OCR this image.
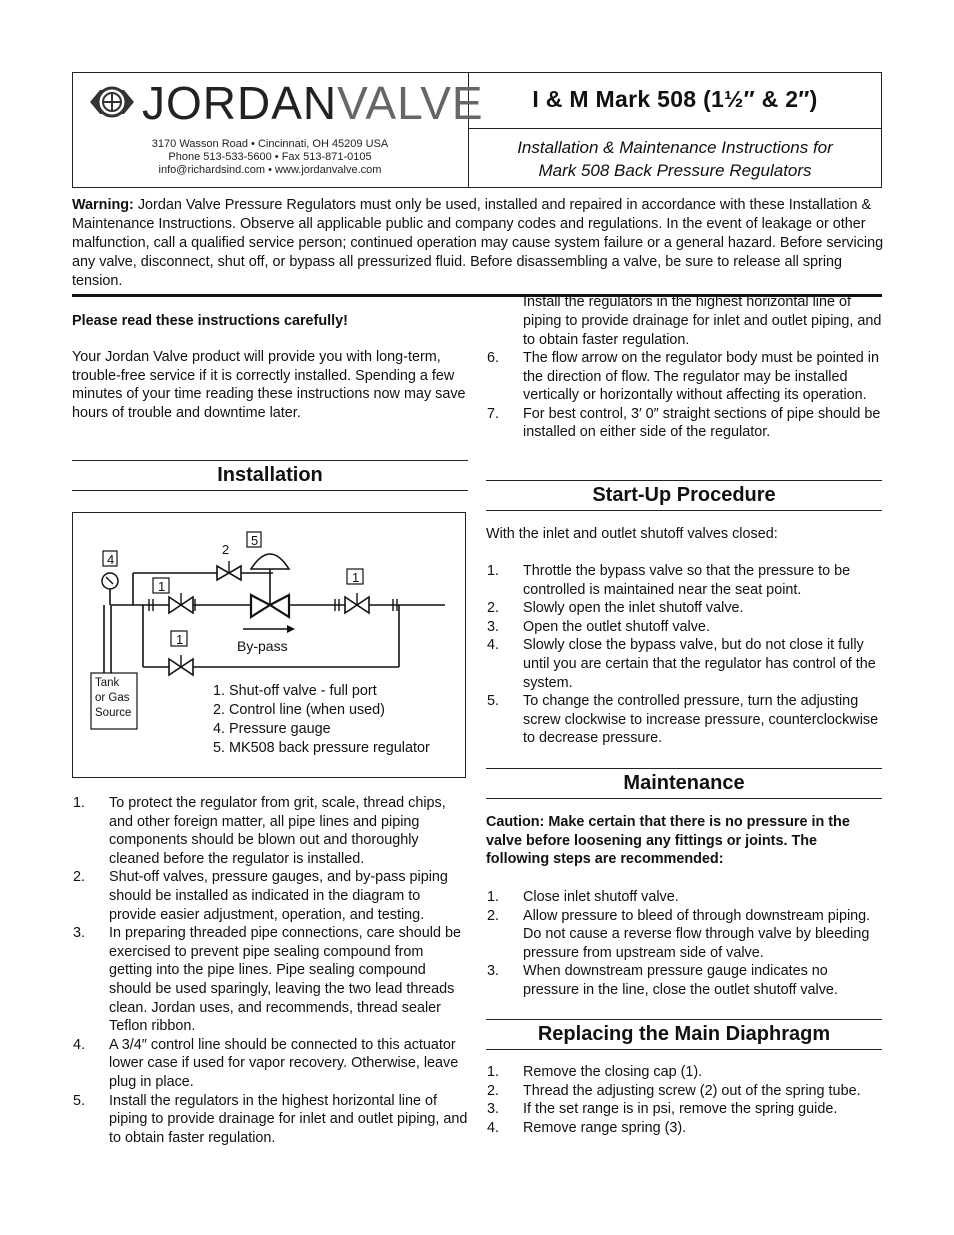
JORDANVALVE
3170 Wasson Road • Cincinnati, OH 45209 USA
Phone 513-533-5600 • Fax 513-871-0105
info@richardsind.com • www.jordanvalve.com
I & M Mark 508 (1½″ & 2″)
Installation & Maintenance Instructions for
Mark 508 Back Pressure Regulators
Warning: Jordan Valve Pressure Regulators must only be used, installed and repaired in accordance with these Installation & Maintenance Instructions. Observe all applicable public and company codes and regulations. In the event of leakage or other malfunction, call a qualified service person; continued operation may cause system failure or a general hazard. Before servicing any valve, disconnect, shut off, or bypass all pressurized fluid. Before disassembling a valve, be sure to release all spring tension.
Please read these instructions carefully!
Your Jordan Valve product will provide you with long-term, trouble-free service if it is correctly installed. Spending a few minutes of your time reading these instructions now may save hours of trouble and downtime later.
Installation
4
2
5
1
1
1	By-pass
Tank
or Gas
Source
1. Shut-off valve - full port
2. Control line (when used)
4. Pressure gauge
5. MK508 back pressure regulator
1. To protect the regulator from grit, scale, thread chips, and other foreign matter, all pipe lines and piping components should be blown out and thoroughly cleaned before the regulator is installed.
2. Shut-off valves, pressure gauges, and by-pass piping should be installed as indicated in the diagram to provide easier adjustment, operation, and testing.
3. In preparing threaded pipe connections, care should be exercised to prevent pipe sealing compound from getting into the pipe lines. Pipe sealing compound should be used sparingly, leaving the two lead threads clean. Jordan uses, and recommends, thread sealer Teflon ribbon.
4. A 3/4″ control line should be connected to this actuator lower case if used for vapor recovery. Otherwise, leave plug in place.
5. Install the regulators in the highest horizontal line of piping to provide drainage for inlet and outlet piping, and to obtain faster regulation.
Install the regulators in the highest horizontal line of piping to provide drainage for inlet and outlet piping, and to obtain faster regulation.
6. The flow arrow on the regulator body must be pointed in the direction of flow. The regulator may be installed vertically or horizontally without affecting its operation.
7. For best control, 3′ 0″ straight sections of pipe should be installed on either side of the regulator.
Start-Up Procedure
With the inlet and outlet shutoff valves closed:
1. Throttle the bypass valve so that the pressure to be controlled is maintained near the seat point.
2. Slowly open the inlet shutoff valve.
3. Open the outlet shutoff valve.
4. Slowly close the bypass valve, but do not close it fully until you are certain that the regulator has control of the system.
5. To change the controlled pressure, turn the adjusting screw clockwise to increase pressure, counterclockwise to decrease pressure.
Maintenance
Caution: Make certain that there is no pressure in the valve before loosening any fittings or joints. The following steps are recommended:
1. Close inlet shutoff valve.
2. Allow pressure to bleed of through downstream piping. Do not cause a reverse flow through valve by bleeding pressure from upstream side of valve.
3. When downstream pressure gauge indicates no pressure in the line, close the outlet shutoff valve.
Replacing the Main Diaphragm
1. Remove the closing cap (1).
2. Thread the adjusting screw (2) out of the spring tube.
3. If the set range is in psi, remove the spring guide.
4. Remove range spring (3).
